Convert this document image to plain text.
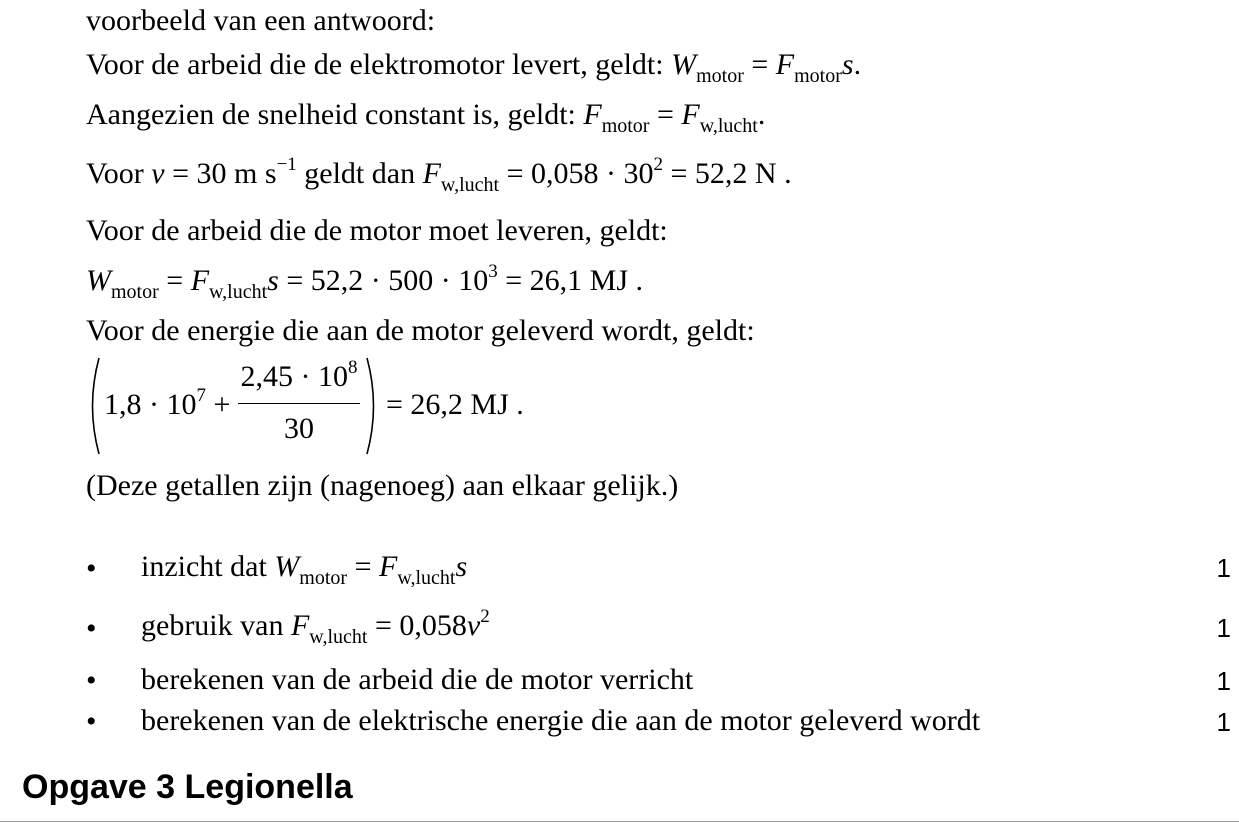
voorbeeld van een antwoord:
Voor de arbeid die de elektromotor levert, geldt: $W_{motor} = F_{motor}s$.
Aangezien de snelheid constant is, geldt: $F_{motor} = F_{w,lucht}$.
Voor v = 30 m $s^{-1}$ geldt dan $F_{w,lucht} = 0,058 \cdot 30^2 = 52,2$ N .
Voor de arbeid die de motor moet leveren, geldt:
$W_{motor} = F_{w,lucht}s = 52,2 \cdot 500 \cdot 10^3 = 26,1$ MJ .
Voor de energie die aan de motor geleverd wordt, geldt:
$1,8 \cdot 10^7$ +
$2,45 \cdot 10^8$
30
= 26,2 MJ .
(Deze getallen zijn (nagenoeg) aan elkaar gelijk.)
• inzicht dat $W_{motor} = F_{w,lucht}s$	1
• gebruik van $F_{w,lucht} = 0,058v^2$	1
• berekenen van de arbeid die de motor verricht	1
• berekenen van de elektrische energie die aan de motor geleverd wordt	1
Opgave 3 Legionella
